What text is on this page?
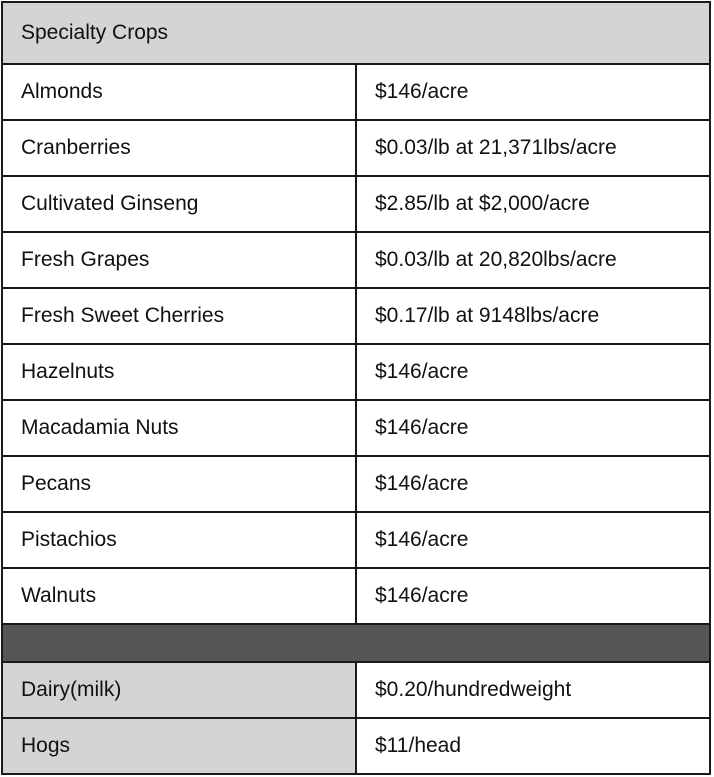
Specialty Crops	
Almonds	$146/acre
Cranberries	$0.03/lb at 21,371lbs/acre
Cultivated Ginseng	$2.85/lb at $2,000/acre
Fresh Grapes	$0.03/lb at 20,820lbs/acre
Fresh Sweet Cherries	$0.17/lb at 9148lbs/acre
Hazelnuts	$146/acre
Macadamia Nuts	$146/acre
Pecans	$146/acre
Pistachios	$146/acre
Walnuts	$146/acre

Dairy(milk)	$0.20/hundredweight
Hogs	$11/head
